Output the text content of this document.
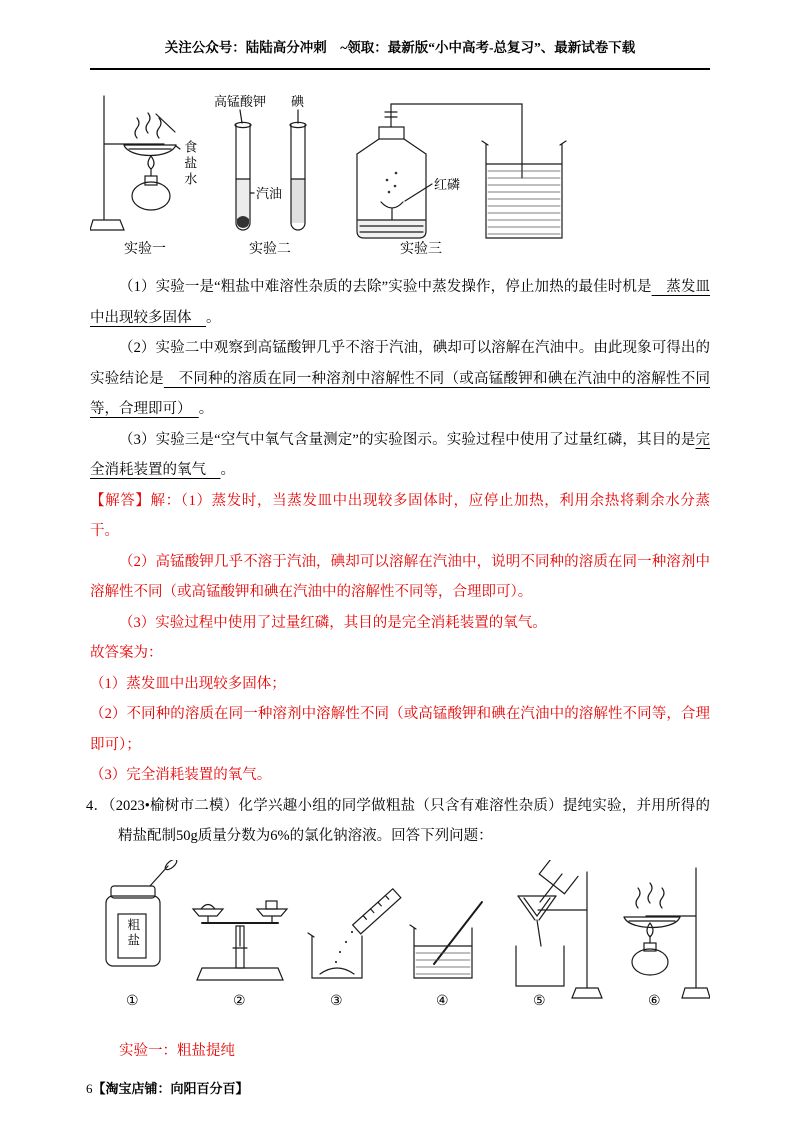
关注公众号：陆陆高分冲刺　~领取：最新版“小中高考-总复习”、最新试卷下载
食盐水
高锰酸钾 碘
汽油
红磷
实验一	实验二	实验三

（1）实验一是“粗盐中难溶性杂质的去除”实验中蒸发操作，停止加热的最佳时机是　蒸发皿中出现较多固体　。

（2）实验二中观察到高锰酸钾几乎不溶于汽油，碘却可以溶解在汽油中。由此现象可得出的实验结论是　不同种的溶质在同一种溶剂中溶解性不同（或高锰酸钾和碘在汽油中的溶解性不同等，合理即可）　。

（3）实验三是“空气中氧气含量测定”的实验图示。实验过程中使用了过量红磷，其目的是完全消耗装置的氧气　。

【解答】解：（1）蒸发时，当蒸发皿中出现较多固体时，应停止加热，利用余热将剩余水分蒸干。

（2）高锰酸钾几乎不溶于汽油，碘却可以溶解在汽油中，说明不同种的溶质在同一种溶剂中溶解性不同（或高锰酸钾和碘在汽油中的溶解性不同等，合理即可）。

（3）实验过程中使用了过量红磷，其目的是完全消耗装置的氧气。

故答案为：

（1）蒸发皿中出现较多固体；

（2）不同种的溶质在同一种溶剂中溶解性不同（或高锰酸钾和碘在汽油中的溶解性不同等，合理即可）；

（3）完全消耗装置的氧气。

4．（2023•榆树市二模）化学兴趣小组的同学做粗盐（只含有难溶性杂质）提纯实验，并用所得的精盐配制50g质量分数为6%的氯化钠溶液。回答下列问题：

粗盐
①	②	③	④	⑤	⑥

实验一：粗盐提纯

6【淘宝店铺：向阳百分百】
